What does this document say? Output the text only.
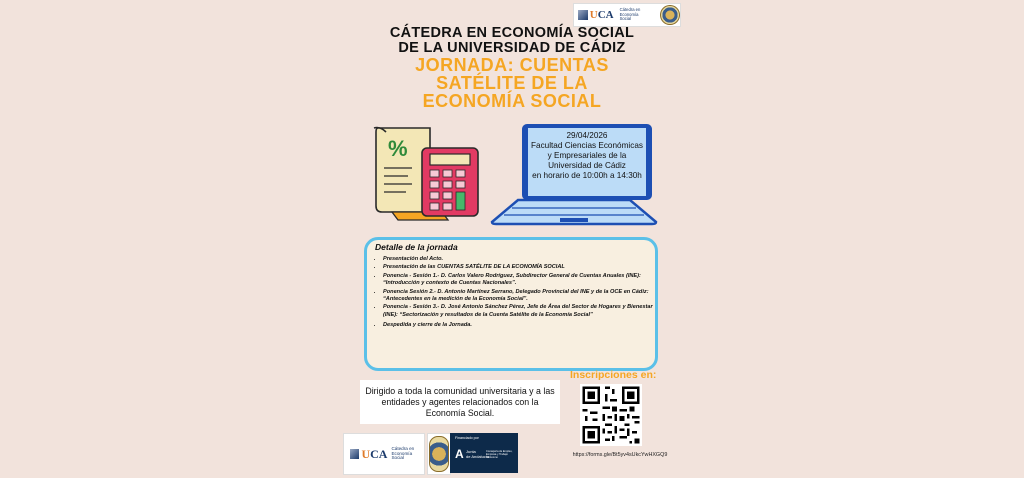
UCA Cátedra en
Economía Social
CÁTEDRA EN ECONOMÍA SOCIAL
DE LA UNIVERSIDAD DE CÁDIZ
JORNADA: CUENTAS
SATÉLITE DE LA
ECONOMÍA SOCIAL
%
29/04/2026
Facultad Ciencias Económicas
y Empresariales de la
Universidad de Cádiz
en horario de 10:00h a 14:30h
Detalle de la jornada
• Presentación del Acto.
• Presentación de las CUENTAS SATÉLITE DE LA ECONOMÍA SOCIAL
• Ponencia - Sesión 1.- D. Carlos Valero Rodríguez, Subdirector General de Cuentas Anuales (INE): “Introducción y contexto de Cuentas Nacionales”.
• Ponencia Sesión 2.- D. Antonio Martínez Serrano, Delegado Provincial del INE y de la OCE en Cádiz: “Antecedentes en la medición de la Economía Social”.
• Ponencia - Sesión 3.- D. José Antonio Sánchez Pérez, Jefe de Área del Sector de Hogares y Bienestar (INE): “Sectorización y resultados de la Cuenta Satélite de la Economía Social”
• Despedida y cierre de la Jornada.
Inscripciones en:
Dirigido a toda la comunidad universitaria y a las entidades y agentes relacionados con la Economía Social.
https://forms.gle/Bt5yv4sUkcYwHXGQ9
UCA Cátedra en
Economía Social
Financiado por
A Junta
de Andalucía
Consejería de Empleo, Empresa y Trabajo Autónomo
